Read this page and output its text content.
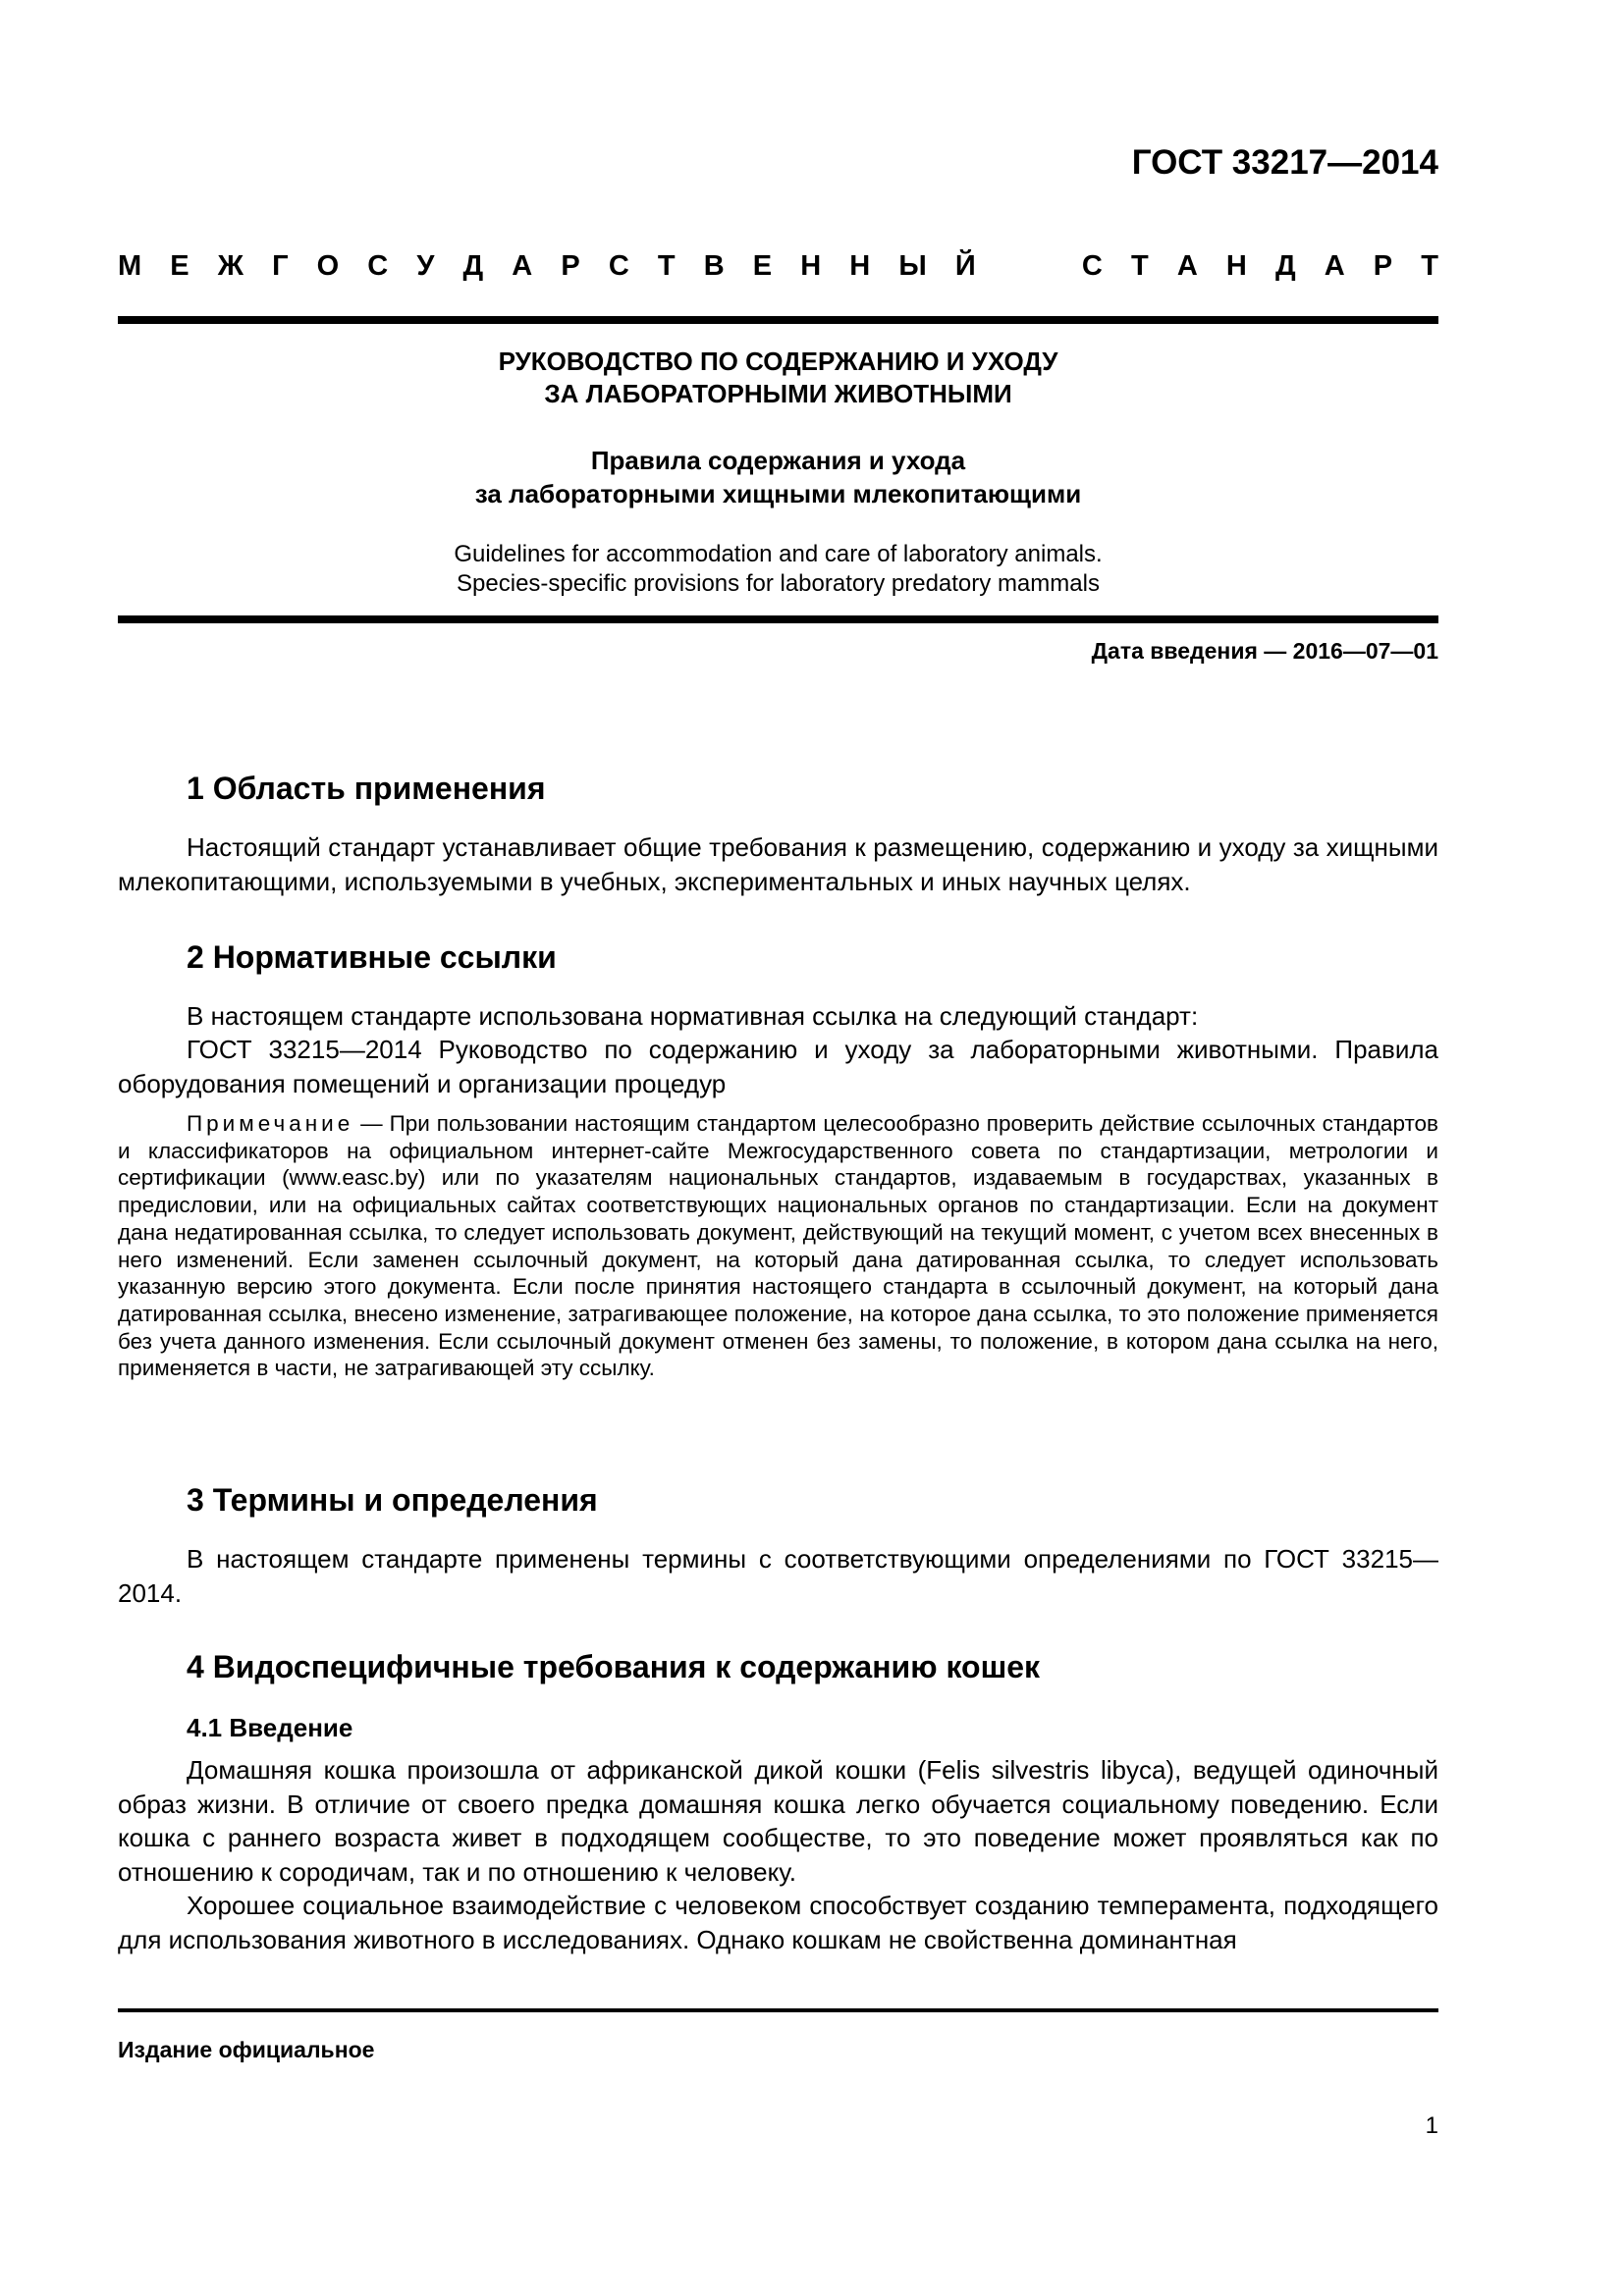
ГОСТ 33217—2014
М Е Ж Г О С У Д А Р С Т В Е Н Н Ы Й	С Т А Н Д А Р Т
РУКОВОДСТВО ПО СОДЕРЖАНИЮ И УХОДУ
ЗА ЛАБОРАТОРНЫМИ ЖИВОТНЫМИ
Правила содержания и ухода
за лабораторными хищными млекопитающими
Guidelines for accommodation and care of laboratory animals.
Species-specific provisions for laboratory predatory mammals
Дата введения — 2016—07—01
1 Область применения

Настоящий стандарт устанавливает общие требования к размещению, содержанию и уходу за хищными млекопитающими, используемыми в учебных, экспериментальных и иных научных целях.

2 Нормативные ссылки

В настоящем стандарте использована нормативная ссылка на следующий стандарт:

ГОСТ 33215—2014 Руководство по содержанию и уходу за лабораторными животными. Правила оборудования помещений и организации процедур

Примечание — При пользовании настоящим стандартом целесообразно проверить действие ссылочных стандартов и классификаторов на официальном интернет-сайте Межгосударственного совета по стандартизации, метрологии и сертификации (www.easc.by) или по указателям национальных стандартов, издаваемым в государствах, указанных в предисловии, или на официальных сайтах соответствующих национальных органов по стандартизации. Если на документ дана недатированная ссылка, то следует использовать документ, действующий на текущий момент, с учетом всех внесенных в него изменений. Если заменен ссылочный документ, на который дана датированная ссылка, то следует использовать указанную версию этого документа. Если после принятия настоящего стандарта в ссылочный документ, на который дана датированная ссылка, внесено изменение, затрагивающее положение, на которое дана ссылка, то это положение применяется без учета данного изменения. Если ссылочный документ отменен без замены, то положение, в котором дана ссылка на него, применяется в части, не затрагивающей эту ссылку.

3 Термины и определения

В настоящем стандарте применены термины с соответствующими определениями по ГОСТ 33215—2014.

4 Видоспецифичные требования к содержанию кошек
4.1 Введение

Домашняя кошка произошла от африканской дикой кошки (Felis silvestris libyca), ведущей одиночный образ жизни. В отличие от своего предка домашняя кошка легко обучается социальному поведению. Если кошка с раннего возраста живет в подходящем сообществе, то это поведение может проявляться как по отношению к сородичам, так и по отношению к человеку.

Хорошее социальное взаимодействие с человеком способствует созданию темперамента, подходящего для использования животного в исследованиях. Однако кошкам не свойственна доминантная

Издание официальное
1
